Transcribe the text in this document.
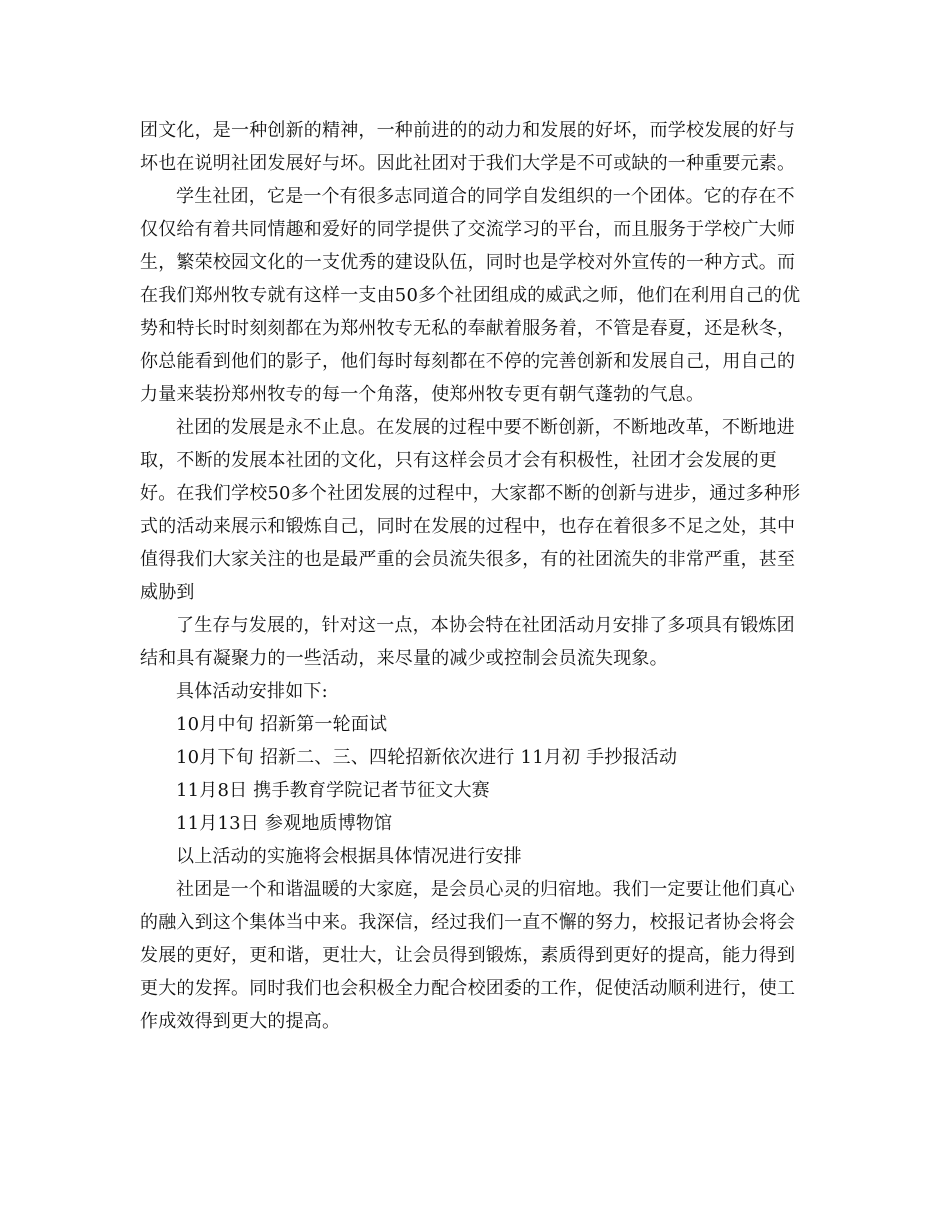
团文化，是一种创新的精神，一种前进的的动力和发展的好坏，而学校发展的好与坏也在说明社团发展好与坏。因此社团对于我们大学是不可或缺的一种重要元素。

学生社团，它是一个有很多志同道合的同学自发组织的一个团体。它的存在不仅仅给有着共同情趣和爱好的同学提供了交流学习的平台，而且服务于学校广大师生，繁荣校园文化的一支优秀的建设队伍，同时也是学校对外宣传的一种方式。而在我们郑州牧专就有这样一支由50多个社团组成的威武之师，他们在利用自己的优势和特长时时刻刻都在为郑州牧专无私的奉献着服务着，不管是春夏，还是秋冬，你总能看到他们的影子，他们每时每刻都在不停的完善创新和发展自己，用自己的力量来装扮郑州牧专的每一个角落，使郑州牧专更有朝气蓬勃的气息。

社团的发展是永不止息。在发展的过程中要不断创新，不断地改革，不断地进取，不断的发展本社团的文化，只有这样会员才会有积极性，社团才会发展的更好。在我们学校50多个社团发展的过程中，大家都不断的创新与进步，通过多种形式的活动来展示和锻炼自己，同时在发展的过程中，也存在着很多不足之处，其中值得我们大家关注的也是最严重的会员流失很多，有的社团流失的非常严重，甚至威胁到

了生存与发展的，针对这一点，本协会特在社团活动月安排了多项具有锻炼团结和具有凝聚力的一些活动，来尽量的减少或控制会员流失现象。

具体活动安排如下:

10月中旬 招新第一轮面试

10月下旬 招新二、三、四轮招新依次进行 11月初 手抄报活动

11月8日 携手教育学院记者节征文大赛

11月13日 参观地质博物馆

以上活动的实施将会根据具体情况进行安排

社团是一个和谐温暖的大家庭，是会员心灵的归宿地。我们一定要让他们真心的融入到这个集体当中来。我深信，经过我们一直不懈的努力，校报记者协会将会发展的更好，更和谐，更壮大，让会员得到锻炼，素质得到更好的提高，能力得到更大的发挥。同时我们也会积极全力配合校团委的工作，促使活动顺利进行，使工作成效得到更大的提高。
